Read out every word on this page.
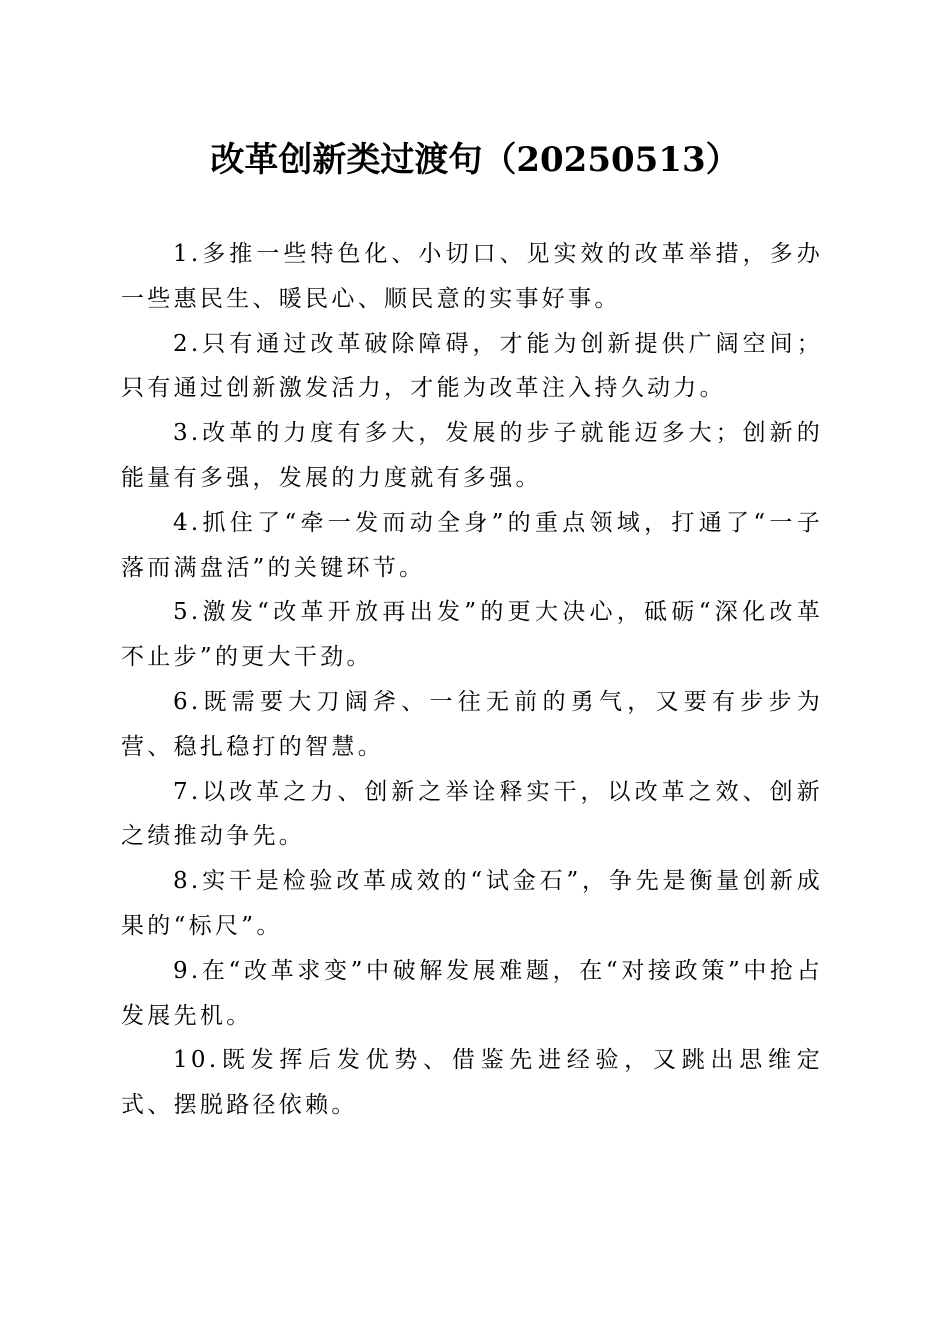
改革创新类过渡句（20250513）

1.多推一些特色化、小切口、见实效的改革举措，多办一些惠民生、暖民心、顺民意的实事好事。

2.只有通过改革破除障碍，才能为创新提供广阔空间；只有通过创新激发活力，才能为改革注入持久动力。

3.改革的力度有多大，发展的步子就能迈多大；创新的能量有多强，发展的力度就有多强。

4.抓住了“牵一发而动全身”的重点领域，打通了“一子落而满盘活”的关键环节。

5.激发“改革开放再出发”的更大决心，砥砺“深化改革不止步”的更大干劲。

6.既需要大刀阔斧、一往无前的勇气，又要有步步为营、稳扎稳打的智慧。

7.以改革之力、创新之举诠释实干，以改革之效、创新之绩推动争先。

8.实干是检验改革成效的“试金石”，争先是衡量创新成果的“标尺”。

9.在“改革求变”中破解发展难题，在“对接政策”中抢占发展先机。

10.既发挥后发优势、借鉴先进经验，又跳出思维定式、摆脱路径依赖。
